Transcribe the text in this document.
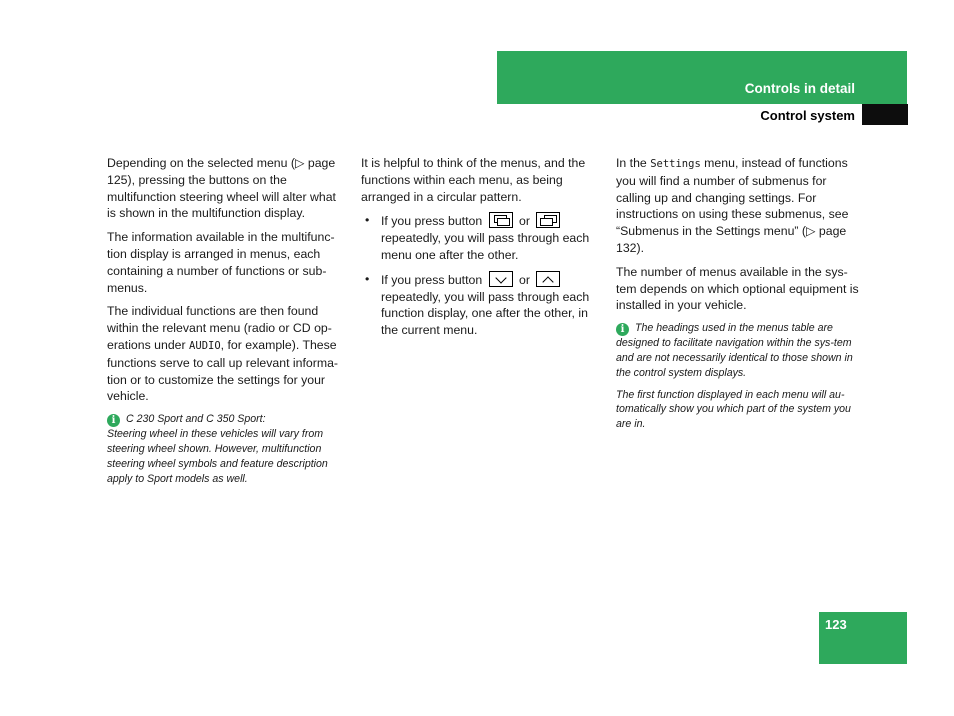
Controls in detail
Control system

Depending on the selected menu (▷ page 125), pressing the buttons on the multifunction steering wheel will alter what is shown in the multifunction display.

The information available in the multifunc-tion display is arranged in menus, each containing a number of functions or sub-menus.

The individual functions are then found within the relevant menu (radio or CD op-erations under AUDIO, for example). These functions serve to call up relevant informa-tion or to customize the settings for your vehicle.

i C 230 Sport and C 350 Sport:
Steering wheel in these vehicles will vary from steering wheel shown. However, multifunction steering wheel symbols and feature description apply to Sport models as well.

It is helpful to think of the menus, and the functions within each menu, as being arranged in a circular pattern.

• If you press button	or  repeatedly, you will pass through each menu one after the other.

• If you press button	or  repeatedly, you will pass through each function display, one after the other, in the current menu.

In the Settings menu, instead of functions you will find a number of submenus for calling up and changing settings. For instructions on using these submenus, see “Submenus in the Settings menu” (▷ page 132).

The number of menus available in the sys-tem depends on which optional equipment is installed in your vehicle.

i The headings used in the menus table are designed to facilitate navigation within the sys-tem and are not necessarily identical to those shown in the control system displays.

The first function displayed in each menu will au-tomatically show you which part of the system you are in.

123
